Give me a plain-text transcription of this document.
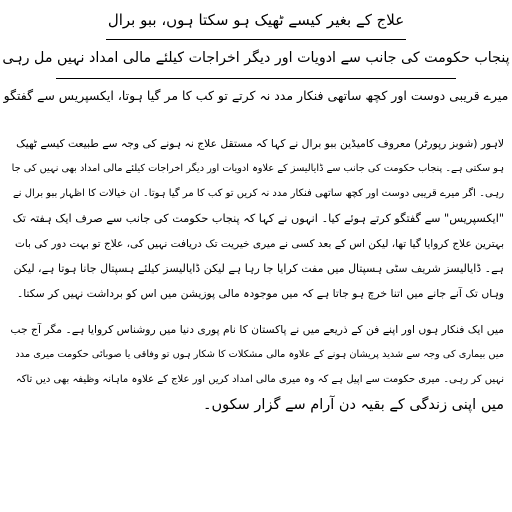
علاج کے بغیر کیسے ٹھیک ہو سکتا ہوں، ببو برال
پنجاب حکومت کی جانب سے ادویات اور دیگر اخراجات کیلئے مالی امداد نہیں مل رہی
میرے قریبی دوست اور کچھ ساتھی فنکار مدد نہ کرتے تو کب کا مر گیا ہوتا، ایکسپریس سے گفتگو
لاہور (شوبز رپورٹر) معروف کامیڈین ببو برال نے کہا کہ مستقل علاج نہ ہونے کی وجہ سے طبیعت کیسے ٹھیک
ہو سکتی ہے۔ پنجاب حکومت کی جانب سے ڈایالیسز کے علاوہ ادویات اور دیگر اخراجات کیلئے مالی امداد بھی نہیں کی جا
رہی۔ اگر میرے قریبی دوست اور کچھ ساتھی فنکار مدد نہ کریں تو کب کا مر گیا ہوتا۔ ان خیالات کا اظہار ببو برال نے
"ایکسپریس" سے گفتگو کرتے ہوئے کیا۔ انہوں نے کہا کہ پنجاب حکومت کی جانب سے صرف ایک ہفتہ تک
بہترین علاج کروایا گیا تھا، لیکن اس کے بعد کسی نے میری خیریت تک دریافت نہیں کی، علاج تو بہت دور کی بات
ہے۔ ڈایالیسز شریف سٹی ہسپتال میں مفت کرایا جا رہا ہے لیکن ڈایالیسز کیلئے ہسپتال جانا ہوتا ہے، لیکن
وہاں تک آنے جانے میں اتنا خرچ ہو جاتا ہے کہ میں موجودہ مالی پوزیشن میں اس کو برداشت نہیں کر سکتا۔
میں ایک فنکار ہوں اور اپنے فن کے ذریعے میں نے پاکستان کا نام پوری دنیا میں روشناس کروایا ہے۔ مگر آج جب
میں بیماری کی وجہ سے شدید پریشان ہونے کے علاوہ مالی مشکلات کا شکار ہوں تو وفاقی یا صوبائی حکومت میری مدد
نہیں کر رہی۔ میری حکومت سے اپیل ہے کہ وہ میری مالی امداد کریں اور علاج کے علاوہ ماہانہ وظیفہ بھی دیں تاکہ
میں اپنی زندگی کے بقیہ دن آرام سے گزار سکوں۔
